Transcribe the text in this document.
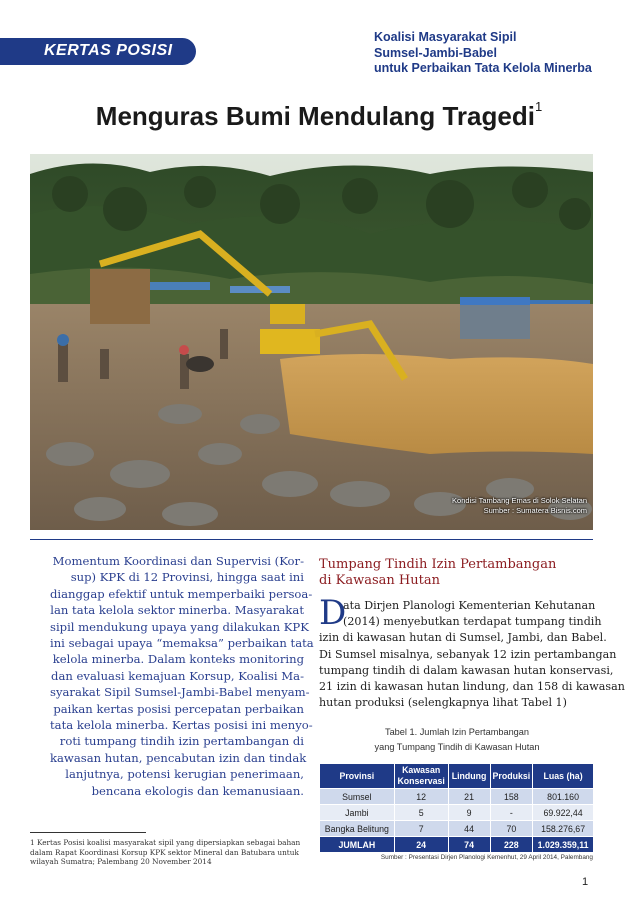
KERTAS POSISI
Koalisi Masyarakat Sipil
Sumsel-Jambi-Babel
untuk Perbaikan Tata Kelola Minerba
Menguras Bumi Mendulang Tragedi$^1$
Kondisi Tambang Emas di Solok Selatan
Sumber : Sumatera Bisnis.com
Momentum Koordinasi dan Supervisi (Kor-
sup) KPK di 12 Provinsi, hingga saat ini
dianggap efektif untuk memperbaiki persoa-
lan tata kelola sektor minerba. Masyarakat
sipil mendukung upaya yang dilakukan KPK
ini sebagai upaya “memaksa” perbaikan tata
kelola minerba. Dalam konteks monitoring
dan evaluasi kemajuan Korsup, Koalisi Ma-
syarakat Sipil Sumsel-Jambi-Babel menyam-
paikan kertas posisi percepatan perbaikan
tata kelola minerba. Kertas posisi ini menyo-
roti tumpang tindih izin pertambangan di
kawasan hutan, pencabutan izin dan tindak
lanjutnya, potensi kerugian penerimaan,
bencana ekologis dan kemanusiaan.
1 Kertas Posisi koalisi masyarakat sipil yang dipersiapkan sebagai bahan
dalam Rapat Koordinasi Korsup KPK sektor Mineral dan Batubara untuk
wilayah Sumatra; Palembang 20 November 2014
Tumpang Tindih Izin Pertambangan
di Kawasan Hutan
D
ata Dirjen Planologi Kementerian Kehutanan
(2014) menyebutkan terdapat tumpang tindih
izin di kawasan hutan di Sumsel, Jambi, dan Babel.
Di Sumsel misalnya, sebanyak 12 izin pertambangan
tumpang tindih di dalam kawasan hutan konservasi,
21 izin di kawasan hutan lindung, dan 158 di kawasan
hutan produksi (selengkapnya lihat Tabel 1)
Tabel 1. Jumlah Izin Pertambangan
yang Tumpang Tindih di Kawasan Hutan
Provinsi	Kawasan Konservasi	Lindung	Produksi	Luas (ha)
Sumsel	12	21	158	801.160
Jambi	5	9	-	69.922,44
Bangka Belitung	7	44	70	158.276,67
JUMLAH	24	74	228	1.029.359,11
Sumber : Presentasi Dirjen Planologi Kemenhut, 29 April 2014, Palembang
1
